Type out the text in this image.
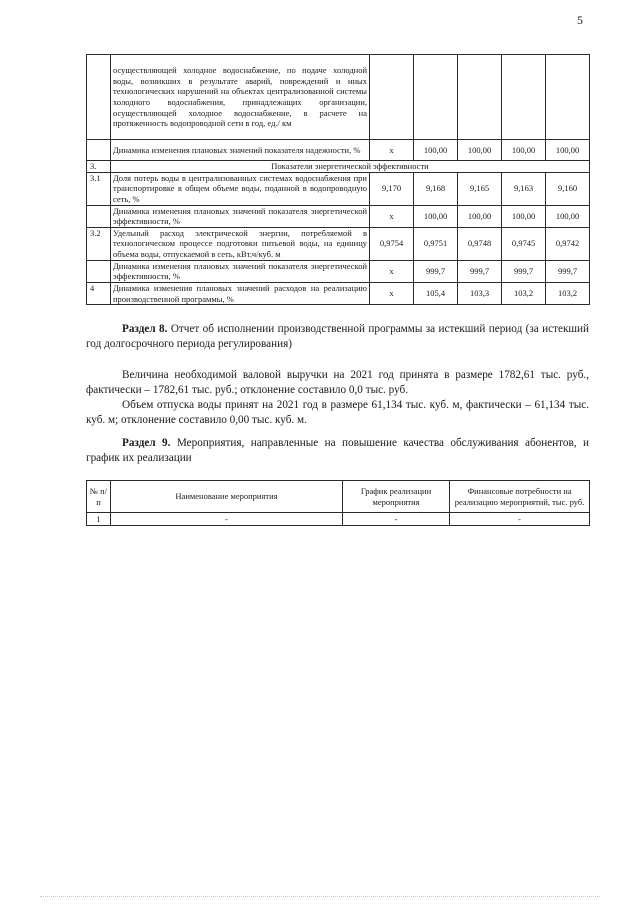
5
	осуществляющей холодное водоснабжение, по подаче холодной воды, возникших в результате аварий, повреждений и иных технологических нарушений на объектах централизованной системы холодного водоснабжения, принадлежащих организации, осуществляющей холодное водоснабжение, в расчете на протяженность водопроводной сети в год, ед./ км					
	Динамика изменения плановых значений показателя надежности, %	х	100,00	100,00	100,00	100,00
3.	Показатели энергетической эффективности					
3.1	Доля потерь воды в централизованных системах водоснабжения при транспортировке в общем объеме воды, поданной в водопроводную сеть, %	9,170	9,168	9,165	9,163	9,160
	Динамика изменения плановых значений показателя энергетической эффективности, %	х	100,00	100,00	100,00	100,00
3.2	Удельный расход электрической энергии, потребляемой в технологическом процессе подготовки питьевой воды, на единицу объема воды, отпускаемой в сеть, кВт.ч/куб. м	0,9754	0,9751	0,9748	0,9745	0,9742
	Динамика изменения плановых значений показателя энергетической эффективности, %	х	999,7	999,7	999,7	999,7
4	Динамика изменения плановых значений расходов на реализацию производственной программы, %	х	105,4	103,3	103,2	103,2

Раздел 8. Отчет об исполнении производственной программы за истекший период (за истекший год долгосрочного периода регулирования)

Величина необходимой валовой выручки на 2021 год принята в размере 1782,61 тыс. руб., фактически – 1782,61 тыс. руб.; отклонение составило 0,0 тыс. руб.

Объем отпуска воды принят на 2021 год в размере 61,134 тыс. куб. м, фактически – 61,134 тыс. куб. м; отклонение составило 0,00 тыс. куб. м.

Раздел 9. Мероприятия, направленные на повышение качества обслуживания абонентов, и график их реализации

№ п/п	Наименование мероприятия	График реализации мероприятия	Финансовые потребности на реализацию мероприятий, тыс. руб.
1	-	-	-
